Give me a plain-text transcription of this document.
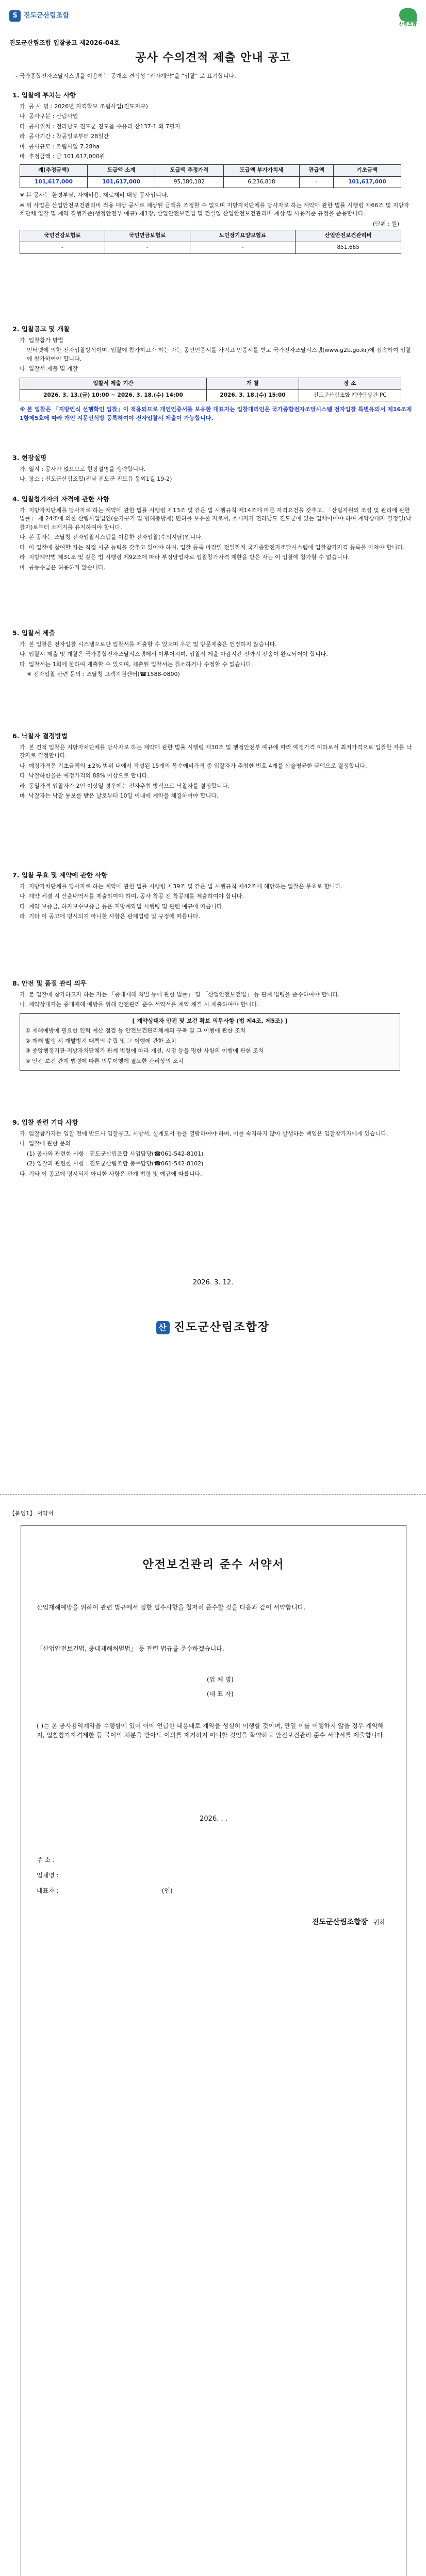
S 진도군산림조합
산림조합
진도군산림조합 입찰공고 제2026-04호
공사 수의견적 제출 안내 공고
- 국가종합전자조달시스템을 이용하는 공개소 견적성 "전자계약"을 "입찰" 로 표기합니다.
1. 입찰에 부치는 사항

가. 공 사 명 : 2026년 자격확보 조림사업(진도지구)

나. 공사구분 : 산림사업

다. 공사위치 : 전라남도 진도군 진도읍 수유리 산137-1 외 7필지

라. 공사기간 : 착공일로부터 28일간

마. 공사규모 : 조림사업 7.28ha

바. 추정금액 : 금 101,617,000원

계(추정금액)	도급액 소계	도급액 추정가격	도급액 부가가치세	관급액	기초금액
101,617,000	101,617,000	95,380,182	6,236,818	-	101,617,000

※ 본 공사는 환경부담, 자재비용, 재료재비 대상 공사입니다.

※ 위 사업은 산업안전보건관리비 적용 대상 공사로 계상된 금액을 조정할 수 없으며 지방자치단체를 당사자로 하는 계약에 관한 법률 시행령 제66조 및 지방자치단체 입찰 및 계약 집행기준(행정안전부 예규) 제1장, 산업안전보건법 및 건설업 산업안전보건관리비 계상 및 사용기준 규정을 준용합니다.

(단위 : 원)

국민건강보험료	국민연금보험료	노인장기요양보험료	산업안전보건관리비
-	-	-	851,665
2. 입찰공고 및 개찰

가. 입찰참가 방법

인터넷에 의한 전자입찰방식이며, 입찰에 참가하고자 하는 자는 공인인증서를 가지고 인증서를 받고 국가전자조달시스템(www.g2b.go.kr)에 접속하여 입찰에 참가하여야 합니다.

나. 입찰서 제출 및 개찰

입찰서 제출 기간	개 찰	장 소
2026. 3. 13.(금) 10:00 ~ 2026. 3. 18.(수) 14:00	2026. 3. 18.(수) 15:00	진도군산림조합 계약담당관 PC

※ 본 입찰은 「지방인식 선행확인 입찰」이 적용되므로 개인인증서를 보유한 대표자는 입찰대리인은 국가종합전자조달시스템 전자입찰 특별유의서 제16조제1항제5호에 따라 개인 지문인식방 등록하여야 전자입찰서 제출이 가능합니다.

3. 현장설명

가. 일시 : 공사가 없으므로 현장설명을 생략합니다.

나. 장소 : 진도군산림조합(전남 진도군 진도읍 동외1길 19-2)

4. 입찰참가자의 자격에 관한 사항

가. 지방자치단체를 당사자로 하는 계약에 관한 법률 시행령 제13조 및 같은 법 시행규칙 제14조에 따른 자격요건을 갖추고, 「산림자원의 조성 및 관리에 관한 법률」 제 24조에 의한 산림사업법인(숲가꾸기 및 병해충방제) 면허를 보유한 자로서, 소재지가 전라남도 진도군에 있는 업체이어야 하며 계약상대자 결정일(낙찰자)로부터 소재지를 유지하여야 합니다.

나. 본 공사는 조달청 전자입찰시스템을 이용한 전자입찰(수의시담)입니다.

다. 이 입찰에 참여할 자는 직접 시공 능력을 갖추고 있어야 하며, 입찰 등록 마감일 전일까지 국가종합전자조달시스템에 입찰참가자격 등록을 마쳐야 합니다.

라. 지방계약법 제31조 및 같은 법 시행령 제92조에 따라 부정당업자로 입찰참가자격 제한을 받은 자는 이 입찰에 참가할 수 없습니다.

마. 공동수급은 허용하지 않습니다.

5. 입찰서 제출

가. 본 입찰은 전자입찰 시스템으로만 입찰서를 제출할 수 있으며 우편 및 방문제출은 인정하지 않습니다.

나. 입찰서 제출 및 개찰은 국가종합전자조달시스템에서 이루어지며, 입찰서 제출 마감시간 전까지 전송이 완료되어야 합니다.

다. 입찰서는 1회에 한하여 제출할 수 있으며, 제출된 입찰서는 취소하거나 수정할 수 없습니다.

※ 전자입찰 관련 문의 : 조달청 고객지원센터(☎1588-0800)

6. 낙찰자 결정방법

가. 본 견적 입찰은 지방자치단체를 당사자로 하는 계약에 관한 법률 시행령 제30조 및 행정안전부 예규에 따라 예정가격 이하로서 최저가격으로 입찰한 자를 낙찰자로 결정합니다.

나. 예정가격은 기초금액의 ±2% 범위 내에서 작성된 15개의 복수예비가격 중 입찰자가 추첨한 번호 4개를 산술평균한 금액으로 결정합니다.

다. 낙찰하한율은 예정가격의 88% 이상으로 합니다.

라. 동일가격 입찰자가 2인 이상일 경우에는 전자추첨 방식으로 낙찰자를 결정합니다.

마. 낙찰자는 낙찰 통보를 받은 날로부터 10일 이내에 계약을 체결하여야 합니다.

7. 입찰 무효 및 계약에 관한 사항

가. 지방자치단체를 당사자로 하는 계약에 관한 법률 시행령 제39조 및 같은 법 시행규칙 제42조에 해당하는 입찰은 무효로 합니다.

나. 계약 체결 시 산출내역서를 제출하여야 하며, 공사 착공 전 착공계를 제출하여야 합니다.

다. 계약 보증금, 하자보수보증금 등은 지방계약법 시행령 및 관련 예규에 따릅니다.

라. 기타 이 공고에 명시되지 아니한 사항은 관계법령 및 규정에 따릅니다.

8. 안전 및 품질 관리 의무

가. 본 입찰에 참가하고자 하는 자는 「중대재해 처벌 등에 관한 법률」 및 「산업안전보건법」 등 관계 법령을 준수하여야 합니다.

나. 계약상대자는 중대재해 예방을 위해 안전관리 준수 서약서를 계약 체결 시 제출하여야 합니다.

[ 계약상대자 안전 및 보건 확보 의무사항 (법 제4조, 제5조) ]

① 재해예방에 필요한 인력 예산 점검 등 안전보건관리체계의 구축 및 그 이행에 관한 조치

② 재해 발생 시 재발방지 대책의 수립 및 그 이행에 관한 조치

③ 중앙행정기관·지방자치단체가 관계 법령에 따라 개선, 시정 등을 명한 사항의 이행에 관한 조치

④ 안전·보건 관계 법령에 따른 의무이행에 필요한 관리상의 조치

9. 입찰 관련 기타 사항

가. 입찰참가자는 입찰 전에 반드시 입찰공고, 시방서, 설계도서 등을 열람하여야 하며, 이를 숙지하지 않아 발생하는 책임은 입찰참가자에게 있습니다.

나. 입찰에 관한 문의

(1) 공사와 관련한 사항 : 진도군산림조합 사업담당(☎061-542-8101)

(2) 입찰과 관련한 사항 : 진도군산림조합 총무담당(☎061-542-8102)

다. 기타 이 공고에 명시되지 아니한 사항은 관계 법령 및 예규에 따릅니다.

2026. 3. 12.
산 진도군산림조합장
【붙임1】 서약서
안전보건관리 준수 서약서
산업재해예방을 위하여 관련 법규에서 정한 필수사항을 철저히 준수할 것을 다음과 같이 서약합니다.
「산업안전보건법, 중대재해처벌법」 등 관련 법규를 준수하겠습니다.

(업 체 명)

(대 표 자)

( )는 본 공사용역계약을 수행함에 있어 이에 언급한 내용대로 계약을 성실히 이행할 것이며, 만일 이를 이행하지 않을 경우 계약해지, 입찰참가자격제한 등 불이익 처분을 받아도 이의를 제기하지 아니할 것임을 확약하고 안전보건관리 준수 서약서를 제출합니다.
2026. . .

주 소 :

업체명 :

대표자 :	(인)

진도군산림조합장 귀하
